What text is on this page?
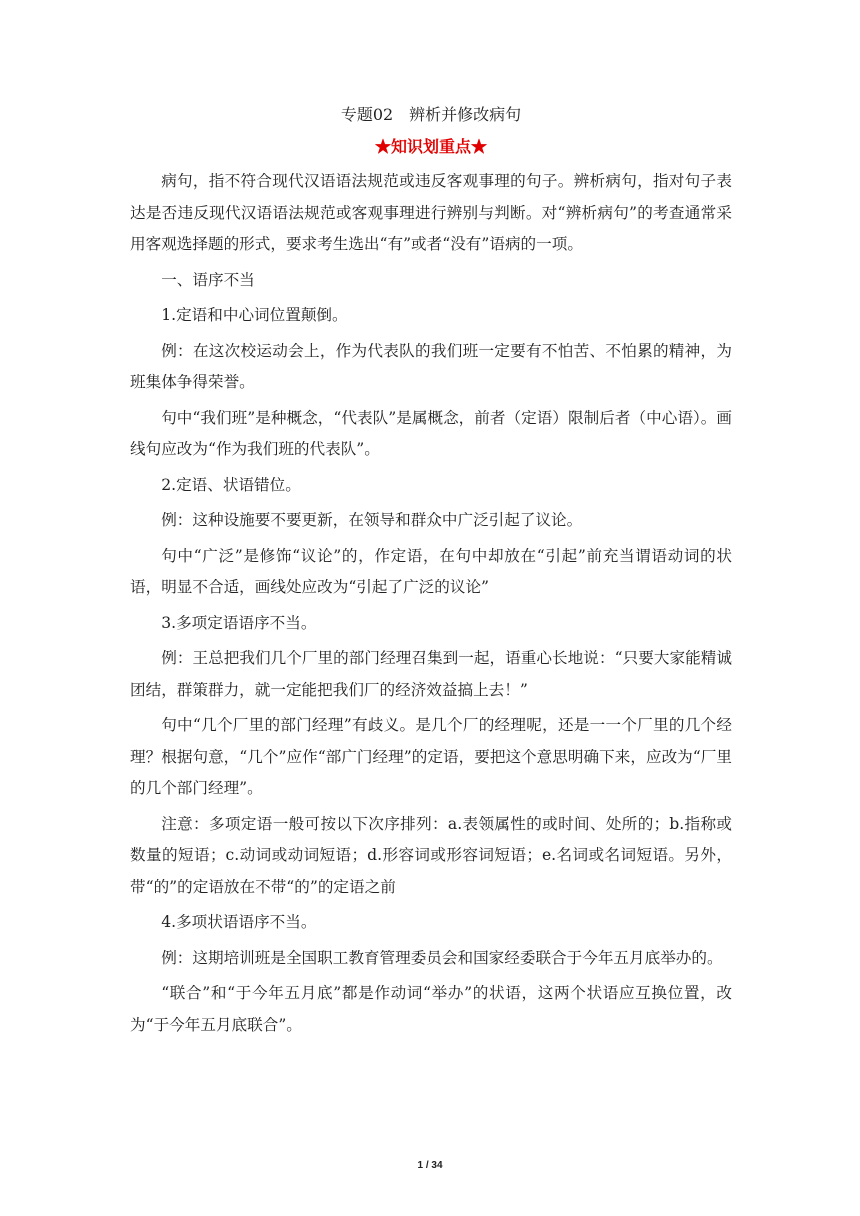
专题02　辨析并修改病句
★知识划重点★

病句，指不符合现代汉语语法规范或违反客观事理的句子。辨析病句，指对句子表达是否违反现代汉语语法规范或客观事理进行辨别与判断。对“辨析病句”的考查通常采用客观选择题的形式，要求考生选出“有”或者“没有”语病的一项。

一、语序不当

1.定语和中心词位置颠倒。

例：在这次校运动会上，作为代表队的我们班一定要有不怕苦、不怕累的精神，为班集体争得荣誉。

句中“我们班”是种概念，“代表队”是属概念，前者（定语）限制后者（中心语）。画线句应改为“作为我们班的代表队”。

2.定语、状语错位。

例：这种设施要不要更新，在领导和群众中广泛引起了议论。

句中“广泛”是修饰“议论”的，作定语，在句中却放在“引起”前充当谓语动词的状语，明显不合适，画线处应改为“引起了广泛的议论”

3.多项定语语序不当。

例：王总把我们几个厂里的部门经理召集到一起，语重心长地说：“只要大家能精诚团结，群策群力，就一定能把我们厂的经济效益搞上去！”

句中“几个厂里的部门经理”有歧义。是几个厂的经理呢，还是一一个厂里的几个经理？根据句意，“几个”应作“部广门经理”的定语，要把这个意思明确下来，应改为“厂里的几个部门经理”。

注意：多项定语一般可按以下次序排列：a.表领属性的或时间、处所的；b.指称或数量的短语；c.动词或动词短语；d.形容词或形容词短语；e.名词或名词短语。另外，带“的”的定语放在不带“的”的定语之前

4.多项状语语序不当。

例：这期培训班是全国职工教育管理委员会和国家经委联合于今年五月底举办的。

“联合”和“于今年五月底”都是作动词“举办”的状语，这两个状语应互换位置，改为“于今年五月底联合”。

1 / 34
